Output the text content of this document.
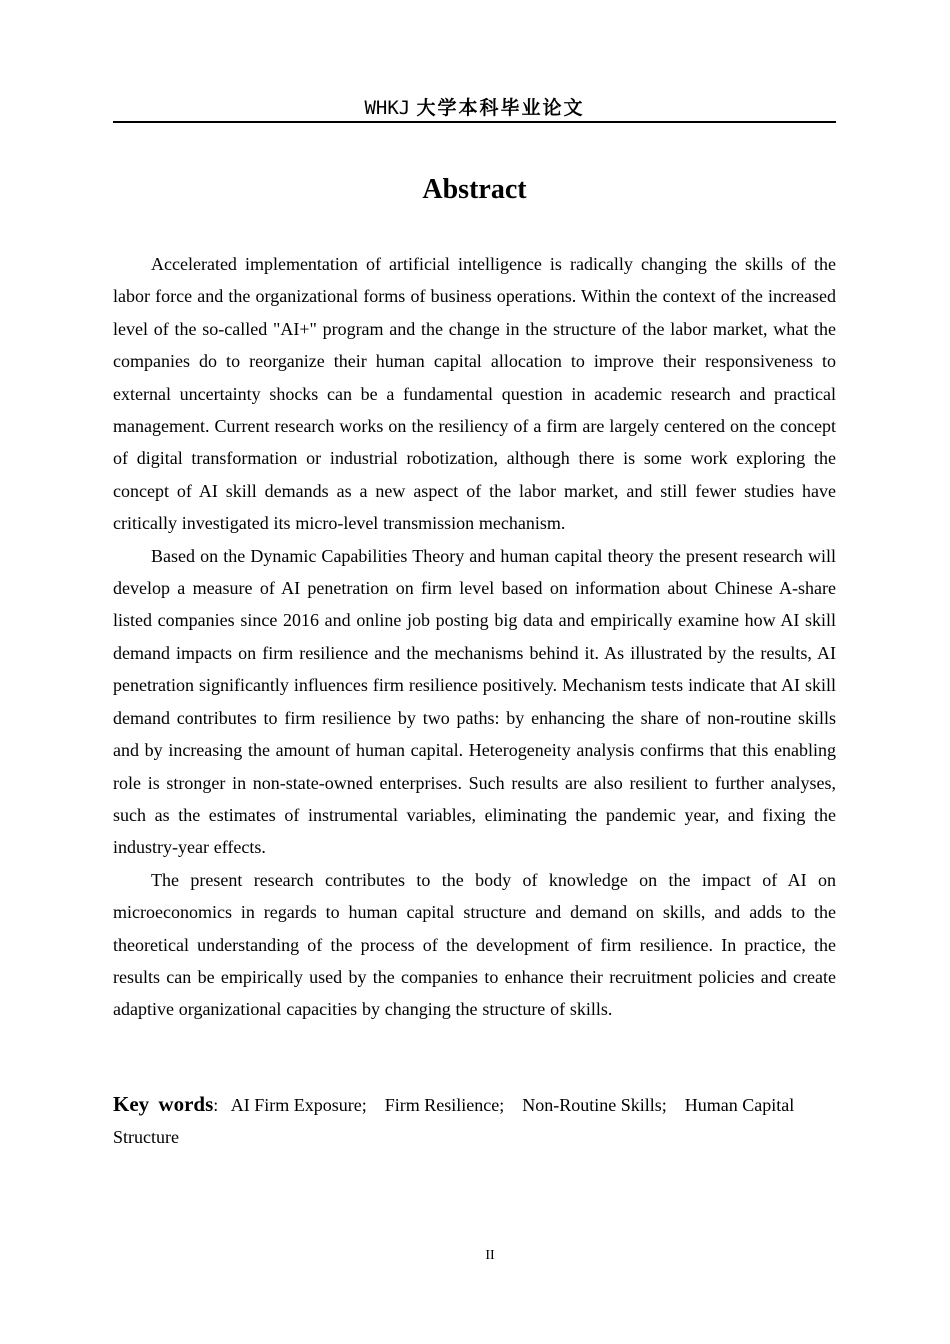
WHKJ 大学本科毕业论文
Abstract

Accelerated implementation of artificial intelligence is radically changing the skills of the labor force and the organizational forms of business operations. Within the context of the increased level of the so-called "AI+" program and the change in the structure of the labor market, what the companies do to reorganize their human capital allocation to improve their responsiveness to external uncertainty shocks can be a fundamental question in academic research and practical management. Current research works on the resiliency of a firm are largely centered on the concept of digital transformation or industrial robotization, although there is some work exploring the concept of AI skill demands as a new aspect of the labor market, and still fewer studies have critically investigated its micro-level transmission mechanism.

Based on the Dynamic Capabilities Theory and human capital theory the present research will develop a measure of AI penetration on firm level based on information about Chinese A-share listed companies since 2016 and online job posting big data and empirically examine how AI skill demand impacts on firm resilience and the mechanisms behind it. As illustrated by the results, AI penetration significantly influences firm resilience positively. Mechanism tests indicate that AI skill demand contributes to firm resilience by two paths: by enhancing the share of non-routine skills and by increasing the amount of human capital. Heterogeneity analysis confirms that this enabling role is stronger in non-state-owned enterprises. Such results are also resilient to further analyses, such as the estimates of instrumental variables, eliminating the pandemic year, and fixing the industry-year effects.

The present research contributes to the body of knowledge on the impact of AI on microeconomics in regards to human capital structure and demand on skills, and adds to the theoretical understanding of the process of the development of firm resilience. In practice, the results can be empirically used by the companies to enhance their recruitment policies and create adaptive organizational capacities by changing the structure of skills.

Key words: AI Firm Exposure; Firm Resilience; Non-Routine Skills; Human Capital Structure
II
